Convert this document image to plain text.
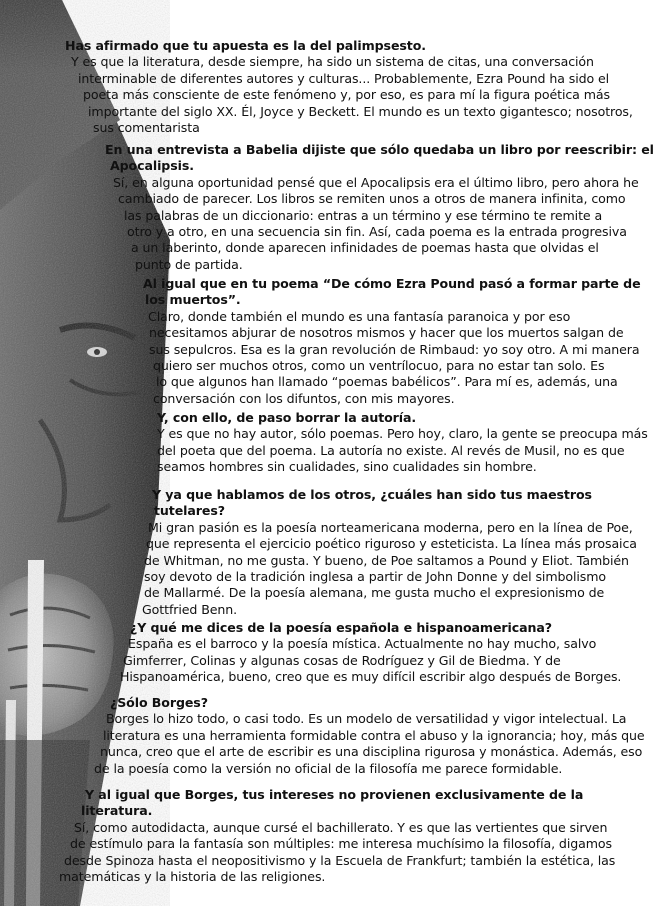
Has afirmado que tu apuesta es la del palimpsesto.
Y es que la literatura, desde siempre, ha sido un sistema de citas, una conversación
interminable de diferentes autores y culturas... Probablemente, Ezra Pound ha sido el
poeta más consciente de este fenómeno y, por eso, es para mí la figura poética más
importante del siglo XX. Él, Joyce y Beckett. El mundo es un texto gigantesco; nosotros,
sus comentarista
En una entrevista a Babelia dijiste que sólo quedaba un libro por reescribir: el
Apocalipsis.
Sí, en alguna oportunidad pensé que el Apocalipsis era el último libro, pero ahora he
cambiado de parecer. Los libros se remiten unos a otros de manera infinita, como
las palabras de un diccionario: entras a un término y ese término te remite a
otro y a otro, en una secuencia sin fin. Así, cada poema es la entrada progresiva
a un laberinto, donde aparecen infinidades de poemas hasta que olvidas el
punto de partida.
Al igual que en tu poema “De cómo Ezra Pound pasó a formar parte de
los muertos”.
Claro, donde también el mundo es una fantasía paranoica y por eso
necesitamos abjurar de nosotros mismos y hacer que los muertos salgan de
sus sepulcros. Esa es la gran revolución de Rimbaud: yo soy otro. A mi manera
quiero ser muchos otros, como un ventrílocuo, para no estar tan solo. Es
lo que algunos han llamado “poemas babélicos”. Para mí es, además, una
conversación con los difuntos, con mis mayores.
Y, con ello, de paso borrar la autoría.
Y es que no hay autor, sólo poemas. Pero hoy, claro, la gente se preocupa más
del poeta que del poema. La autoría no existe. Al revés de Musil, no es que
seamos hombres sin cualidades, sino cualidades sin hombre.
Y ya que hablamos de los otros, ¿cuáles han sido tus maestros
tutelares?
Mi gran pasión es la poesía norteamericana moderna, pero en la línea de Poe,
que representa el ejercicio poético riguroso y esteticista. La línea más prosaica
de Whitman, no me gusta. Y bueno, de Poe saltamos a Pound y Eliot. También
soy devoto de la tradición inglesa a partir de John Donne y del simbolismo
de Mallarmé. De la poesía alemana, me gusta mucho el expresionismo de
Gottfried Benn.
¿Y qué me dices de la poesía española e hispanoamericana?
España es el barroco y la poesía mística. Actualmente no hay mucho, salvo
Gimferrer, Colinas y algunas cosas de Rodríguez y Gil de Biedma. Y de
Hispanoamérica, bueno, creo que es muy difícil escribir algo después de Borges.
¿Sólo Borges?
Borges lo hizo todo, o casi todo. Es un modelo de versatilidad y vigor intelectual. La
literatura es una herramienta formidable contra el abuso y la ignorancia; hoy, más que
nunca, creo que el arte de escribir es una disciplina rigurosa y monástica. Además, eso
de la poesía como la versión no oficial de la filosofía me parece formidable.
Y al igual que Borges, tus intereses no provienen exclusivamente de la
literatura.
Sí, como autodidacta, aunque cursé el bachillerato. Y es que las vertientes que sirven
de estímulo para la fantasía son múltiples: me interesa muchísimo la filosofía, digamos
desde Spinoza hasta el neopositivismo y la Escuela de Frankfurt; también la estética, las
matemáticas y la historia de las religiones.
